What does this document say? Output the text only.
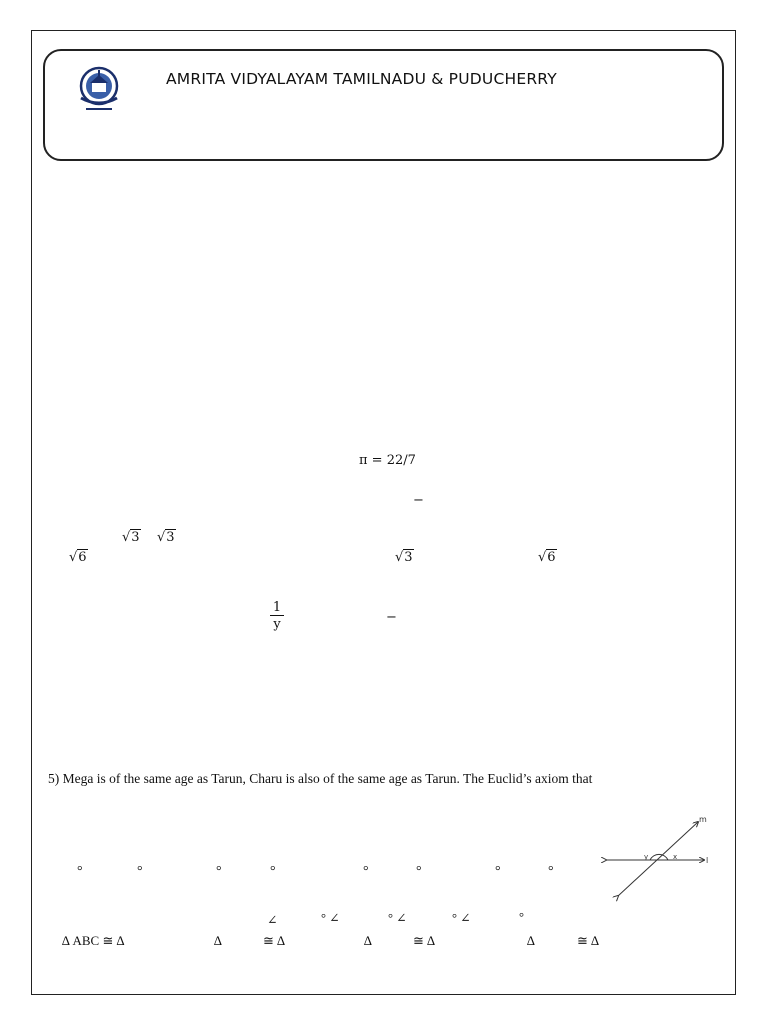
AMRITA VIDYALAYAM TAMILNADU & PUDUCHERRY
π = 22/7
−
√3 √3
√6	√3	√6
$\frac{1}{y}$	−
5) Mega is of the same age as Tarun, Charu is also of the same age as Tarun. The Euclid’s axiom that
°	°	°	°	°	°	°	°
∠	° ∠	° ∠	° ∠	°
∆ ABC ≅ ∆	∆	≅ ∆	∆	≅ ∆	∆	≅ ∆
m
l
y	x
